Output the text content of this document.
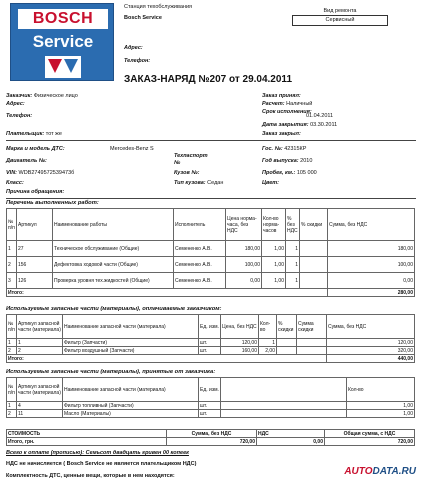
BOSCH
Service
Станция техобслуживания
Bosch Service
Адрес:
Телефон:
Вид ремонта
Сервисный
ЗАКАЗ-НАРЯД №207 от 29.04.2011
Заказчик: Физическое лицо
Адрес:
Телефон:
Заказ принял:
Расчет: Наличный
Срок исполнения:
01.04.2011
Дата закрытия: 03.30.2011
Заказ закрыл:
Плательщик: тот же
Марка и модель ДТС:	Mercedes-Benz S
Двигатель №:
VIN: WDB2749572539473б
Класс:
Причина обращения:
Техпаспорт
№
Кузов №:
Тип кузова: Седан
Гос. №: 42315КР
Год выпуска: 2010
Пробег, км.: 105 000
Цвет:
Перечень выполненных работ:
№ п/п	Артикул	Наименование работы	Исполнитель	Цена норма-часа, без НДС	Кол-во норма-часов	% без НДС	% скидки	Сумма, без НДС
1	27	Техническое обслуживание (Общие)	Семененко А.В.	180,00	1,00	1		180,00
2	156	Дефектовка ходовой части (Общие)	Семененко А.В.	100,00	1,00	1		100,00
3	126	Проверка уровня тех.жидкостей (Общие)	Семененко А.В.	0,00	1,00	1		0,00
Итого:								280,00
Используемые запасные части (материалы), оплачиваемые заказчиком:
№ п/п	Артикул запасной части (материала)	Наименование запасной части (материала)	Ед. изм.	Цена, без НДС	Кол-во	% скидки	Сумма скидки	Сумма, без НДС
1	1	Фильтр (Запчасти)	шт.	120,00	1			120,00
2	2	Фильтр воздушный (Запчасти)	шт.	160,00	2,00			320,00
Итого:								440,00
Используемые запасные части (материалы), принятые от заказчика:
№ п/п	Артикул запасной части (материала)	Наименование запасной части (материала)	Ед. изм.		Кол-во
1	4	Фильтр топливный (Запчасти)	шт.		1,00
2	11	Масло (Материалы)	шт.		1,00
СТОИМОСТЬ	Сумма, без НДС	НДС	Общая сумма, с НДС
Итого, грн.	720,00	0,00	720,00
Всего к оплате (прописью): Семьсот двадцать гривен 00 копеек
НДС не начисляется ( Bosch Service не является плательщиком НДС)
Комплектность ДТС, ценные вещи, которые в нем находятся:	AUTODATA.RU
